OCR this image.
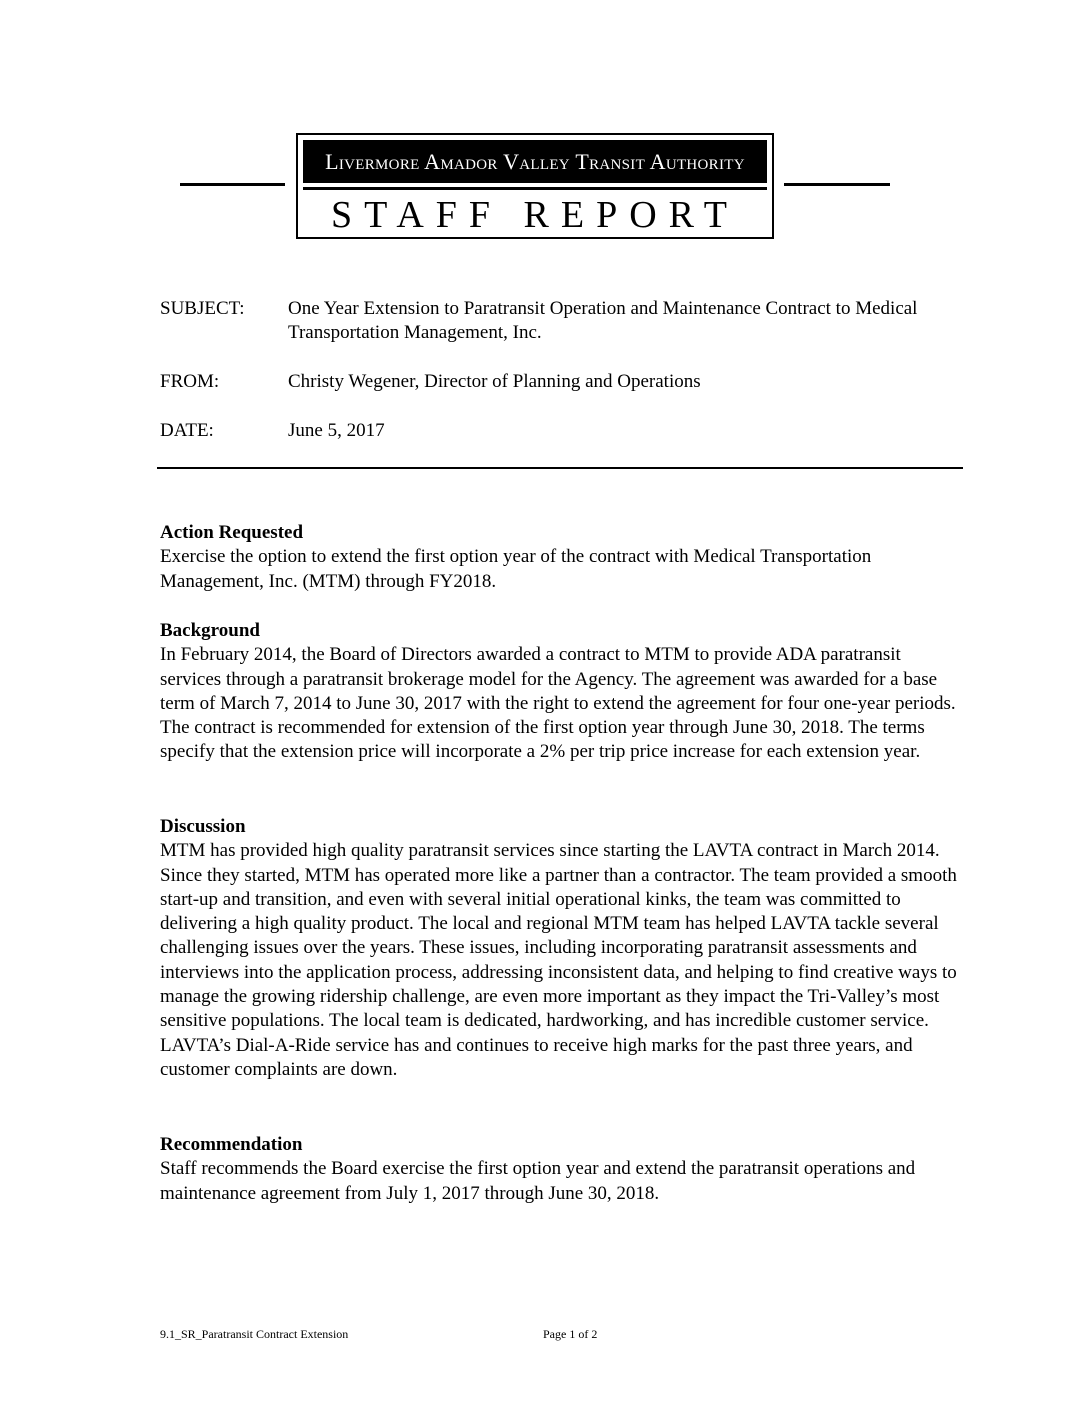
Livermore Amador Valley Transit Authority
STAFF REPORT
SUBJECT: One Year Extension to Paratransit Operation and Maintenance Contract to Medical Transportation Management, Inc.
FROM:	Christy Wegener, Director of Planning and Operations
DATE:	June 5, 2017
Action Requested

Exercise the option to extend the first option year of the contract with Medical Transportation Management, Inc. (MTM) through FY2018.

Background

In February 2014, the Board of Directors awarded a contract to MTM to provide ADA paratransit services through a paratransit brokerage model for the Agency. The agreement was awarded for a base term of March 7, 2014 to June 30, 2017 with the right to extend the agreement for four one-year periods. The contract is recommended for extension of the first option year through June 30, 2018. The terms specify that the extension price will incorporate a 2% per trip price increase for each extension year.

Discussion

MTM has provided high quality paratransit services since starting the LAVTA contract in March 2014. Since they started, MTM has operated more like a partner than a contractor. The team provided a smooth start-up and transition, and even with several initial operational kinks, the team was committed to delivering a high quality product. The local and regional MTM team has helped LAVTA tackle several challenging issues over the years. These issues, including incorporating paratransit assessments and interviews into the application process, addressing inconsistent data, and helping to find creative ways to manage the growing ridership challenge, are even more important as they impact the Tri-Valley’s most sensitive populations. The local team is dedicated, hardworking, and has incredible customer service. LAVTA’s Dial-A-Ride service has and continues to receive high marks for the past three years, and customer complaints are down.

Recommendation

Staff recommends the Board exercise the first option year and extend the paratransit operations and maintenance agreement from July 1, 2017 through June 30, 2018.

9.1_SR_Paratransit Contract Extension	Page 1 of 2
